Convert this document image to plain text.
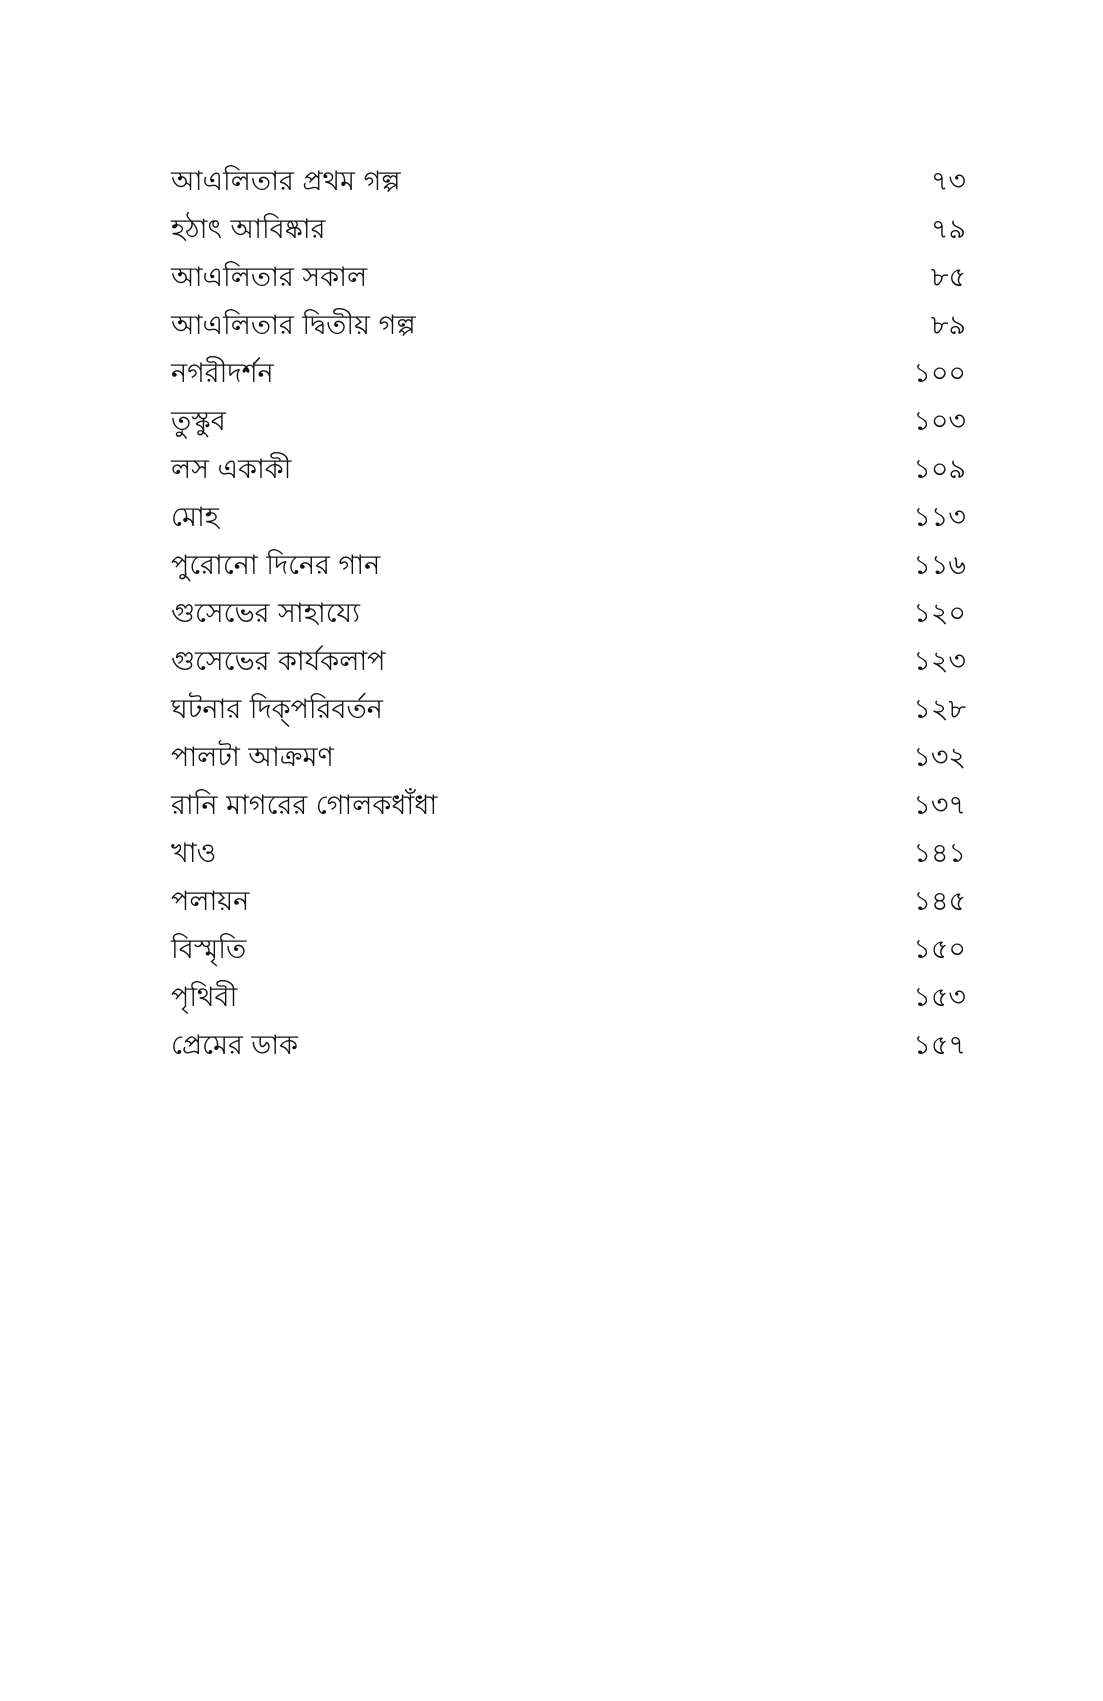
আএলিতার প্রথম গল্প	৭৩
হঠাৎ আবিষ্কার	৭৯
আএলিতার সকাল	৮৫
আএলিতার দ্বিতীয় গল্প	৮৯
নগরীদর্শন	১০০
তুস্কুব	১০৩
লস একাকী	১০৯
মোহ	১১৩
পুরোনো দিনের গান	১১৬
গুসেভের সাহায্যে	১২০
গুসেভের কার্যকলাপ	১২৩
ঘটনার দিক্‌পরিবর্তন	১২৮
পালটা আক্রমণ	১৩২
রানি মাগরের গোলকধাঁধা	১৩৭
খাও	১৪১
পলায়ন	১৪৫
বিস্মৃতি	১৫০
পৃথিবী	১৫৩
প্রেমের ডাক	১৫৭
